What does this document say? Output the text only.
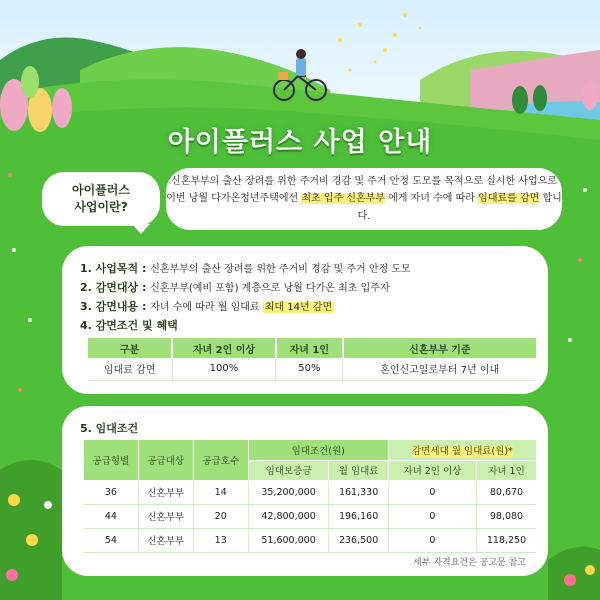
아이플러스 사업 안내
아이플러스
사업이란?
신혼부부의 출산 장려를 위한 주거비 경감 및 주거 안정 도모를 목적으로 실시한 사업으로
이번 낭월 다가온청년주택에선 최초 입주 신혼부부 에게 자녀 수에 따라 임대료를 감면 합니다.
1. 사업목적 : 신혼부부의 출산 장려를 위한 주거비 경감 및 주거 안정 도모
2. 감면대상 : 신혼부부(예비 포함) 계층으로 낭월 다가온 최초 입주자
3. 감면내용 : 자녀 수에 따라 월 임대료 최대 14년 감면
4. 감면조건 및 혜택
구분	자녀 2인 이상	자녀 1인	신혼부부 기준
임대료 감면	100%	50%	혼인신고일로부터 7년 이내
5. 임대조건
공급형별	공급대상	공급호수	임대조건(원)		감면세대 월 임대료(원)*	
			임대보증금	월 임대료	자녀 2인 이상	자녀 1인
36	신혼부부	14	35,200,000	161,330	0	80,670
44	신혼부부	20	42,800,000	196,160	0	98,080
54	신혼부부	13	51,600,000	236,500	0	118,250
세부 자격요건은 공고문 참고
